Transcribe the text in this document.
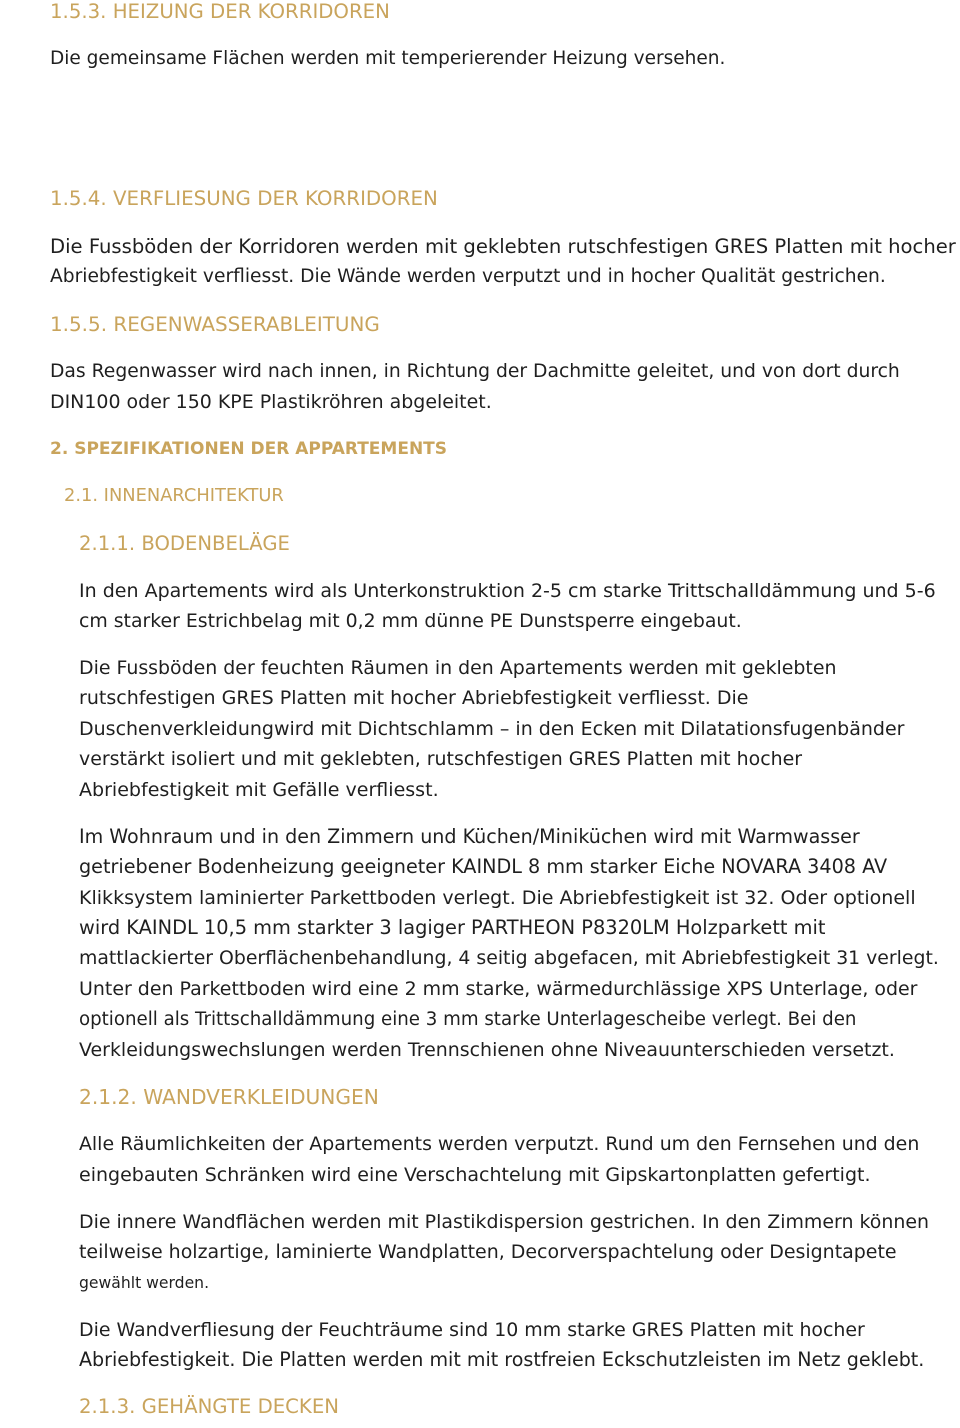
1.5.3. HEIZUNG DER KORRIDOREN
Die gemeinsame Flächen werden mit temperierender Heizung versehen.
1.5.4. VERFLIESUNG DER KORRIDOREN
Die Fussböden der Korridoren werden mit geklebten rutschfestigen GRES Platten mit hocher
Abriebfestigkeit verfliesst. Die Wände werden verputzt und in hocher Qualität gestrichen.
1.5.5. REGENWASSERABLEITUNG
Das Regenwasser wird nach innen, in Richtung der Dachmitte geleitet, und von dort durch
DIN100 oder 150 KPE Plastikröhren abgeleitet.
2. SPEZIFIKATIONEN DER APPARTEMENTS
2.1. INNENARCHITEKTUR
2.1.1. BODENBELÄGE
In den Apartements wird als Unterkonstruktion 2-5 cm starke Trittschalldämmung und 5-6
cm starker Estrichbelag mit 0,2 mm dünne PE Dunstsperre eingebaut.
Die Fussböden der feuchten Räumen in den Apartements werden mit geklebten
rutschfestigen GRES Platten mit hocher Abriebfestigkeit verfliesst. Die
Duschenverkleidungwird mit Dichtschlamm – in den Ecken mit Dilatationsfugenbänder
verstärkt isoliert und mit geklebten, rutschfestigen GRES Platten mit hocher
Abriebfestigkeit mit Gefälle verfliesst.
Im Wohnraum und in den Zimmern und Küchen/Miniküchen wird mit Warmwasser
getriebener Bodenheizung geeigneter KAINDL 8 mm starker Eiche NOVARA 3408 AV
Klikksystem laminierter Parkettboden verlegt. Die Abriebfestigkeit ist 32. Oder optionell
wird KAINDL 10,5 mm starkter 3 lagiger PARTHEON P8320LM Holzparkett mit
mattlackierter Oberflächenbehandlung, 4 seitig abgefacen, mit Abriebfestigkeit 31 verlegt.
Unter den Parkettboden wird eine 2 mm starke, wärmedurchlässige XPS Unterlage, oder
optionell als Trittschalldämmung eine 3 mm starke Unterlagescheibe verlegt. Bei den
Verkleidungswechslungen werden Trennschienen ohne Niveauunterschieden versetzt.
2.1.2. WANDVERKLEIDUNGEN
Alle Räumlichkeiten der Apartements werden verputzt. Rund um den Fernsehen und den
eingebauten Schränken wird eine Verschachtelung mit Gipskartonplatten gefertigt.
Die innere Wandflächen werden mit Plastikdispersion gestrichen. In den Zimmern können
teilweise holzartige, laminierte Wandplatten, Decorverspachtelung oder Designtapete
gewählt werden.
Die Wandverfliesung der Feuchträume sind 10 mm starke GRES Platten mit hocher
Abriebfestigkeit. Die Platten werden mit mit rostfreien Eckschutzleisten im Netz geklebt.
2.1.3. GEHÄNGTE DECKEN
